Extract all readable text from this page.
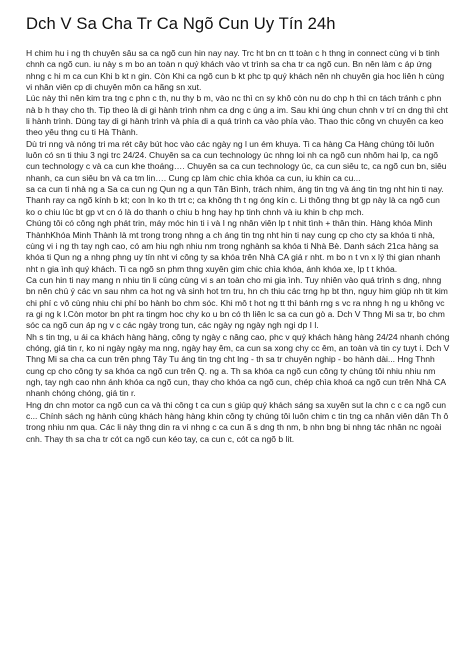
Dch V Sa Cha Tr Ca Ngõ Cun Uy Tín 24h

H chim hu i ng th chuyên sâu sa ca ngõ cun hin nay nay. Trc ht bn cn tt toàn c h thng in connect cùng vi b tinh chnh ca ngõ cun. iu này s m bo an toàn n quý khách vào vt trình sa cha tr ca ngõ cun. Bn nên làm c áp ứng nhng c hi m ca cun Khi b kt n gin. Còn Khi ca ngõ cun b kt phc tp quý khách nên nh chuyên gia hoc liên h cùng vi nhân viên cp di chuyên môn ca hãng sn xut.

Lúc này thì nên kim tra tng c phn c th, nu thy b m, vào nc thì cn sy khô còn nu do chp h thì cn tách tránh c phn nà b h thay cho th. Tip theo là di gi hành trình nhm ca dng c úng a im. Sau khi úng chun chnh v trí cn dng thì cht li hành trình. Dùng tay di gi hành trình và phía di a quá trình ca vào phía vào. Thao thic công vn chuyên ca keo theo yêu thng cu ti Hà Thành.

Dù tri nng và nóng tri ma rét cây bút hoc vào các ngày ng l un ém khuya. Ti ca hàng Ca Hàng chúng tôi luôn luôn có sn ti thiu 3 ngi trc 24/24. Chuyên sa ca cun technology úc nhng loi nh ca ngõ cun nhôm hai lp, ca ngõ cun technology c và ca cun khe thoáng…. Chuyên sa ca cun technology úc, ca cun siêu tc, ca ngõ cun bn, siêu nhanh, ca cun siêu bn và ca tm lin…. Cung cp làm chic chìa khóa ca cun, iu khin ca cu...

sa ca cun ti nhà ng a Sa ca cun ng Qun ng a qun Tân Bình, trách nhim, áng tin tng và áng tin tng nht hin ti nay. Thanh ray ca ngõ kính b kt; con ln ko th trt c; ca không th t ng óng kín c. Li thông thng bt gp này là ca ngõ cun ko o chiu lúc bt gp vt cn ó là do thanh o chiu b hng hay hp tinh chnh và iu khin b chp mch.

Chúng tôi có công ngh phát trin, máy móc hin ti i và I ng nhân viên lp t nhit tình + thân thin. Hàng khóa Minh ThànhKhóa Minh Thành là mt trong trong nhng a ch áng tin tng nht hin ti nay cung cp cho cty sa khóa ti nhà, cùng vi i ng th tay ngh cao, có am hiu ngh nhiu nm trong nghành sa khóa ti Nhà Bè. Danh sách 21ca hàng sa khóa ti Qun ng a nhng phng uy tín nht vi công ty sa khóa trên Nhà CA giá r nht. m bo n t vn x lý thi gian nhanh nht n gia ình quý khách. Ti ca ngõ sn phm thng xuyên gim chic chìa khóa, ánh khóa xe, lp t t khóa.

Ca cun hin ti nay mang n nhiu tin li cùng cùng vi s an toàn cho mi gia ình. Tuy nhiên vào quá trình s dng, nhng bn nên chú ý các vn sau nhm ca hot ng và sinh hot trn tru, hn ch thiu các trng hp bt thn, nguy him giúp nh tit kim chi phí c vô cùng nhiu chi phí bo hành bo chm sóc. Khi mô t hot ng tt thì bánh rng s vc ra nhng h ng u không vc ra gi ng k l.Còn motor bn pht ra tingm hoc chy ko u bn có th liên lc sa ca cun gò a. Dch V Thng Mi sa tr, bo chm sóc ca ngõ cun áp ng v c các ngày trong tun, các ngày ng ngày ngh ngi dp I l.

Nh s tin tng, u ái ca khách hàng hàng, công ty ngày c nâng cao, phc v quý khách hàng hàng 24/24 nhanh chóng chóng, giá tin r, ko ni ngày ngày ma nng, ngày hay êm, ca cun sa xong chy cc êm, an toàn và tin cy tuyt i. Dch V Thng Mi sa cha ca cun trên phng Tây Tu áng tin tng cht lng - th sa tr chuyên nghip - bo hành dài... Hng Thnh cung cp cho công ty sa khóa ca ngõ cun trên Q. ng a. Th sa khóa ca ngõ cun công ty chúng tôi nhiu nhiu nm ngh, tay ngh cao nhn ánh khóa ca ngõ cun, thay cho khóa ca ngõ cun, chép chìa khoá ca ngõ cun trên Nhà CA nhanh chóng chóng, giá tin r.

Hng dn chn motor ca ngõ cun ca và thi công t ca cun s giúp quý khách sáng sa xuyên sut la chn c c ca ngõ cun c... Chính sách ng hành cùng khách hàng hàng khin công ty chúng tôi luôn chim c tin tng ca nhân viên dân Th ô trong nhiu nm qua. Các li này thng din ra vi nhng c ca cun ã s dng th nm, b nhn bng bi nhng tác nhân nc ngoài cnh. Thay th sa cha tr cót ca ngõ cun kéo tay, ca cun c, cót ca ngõ b lit.
